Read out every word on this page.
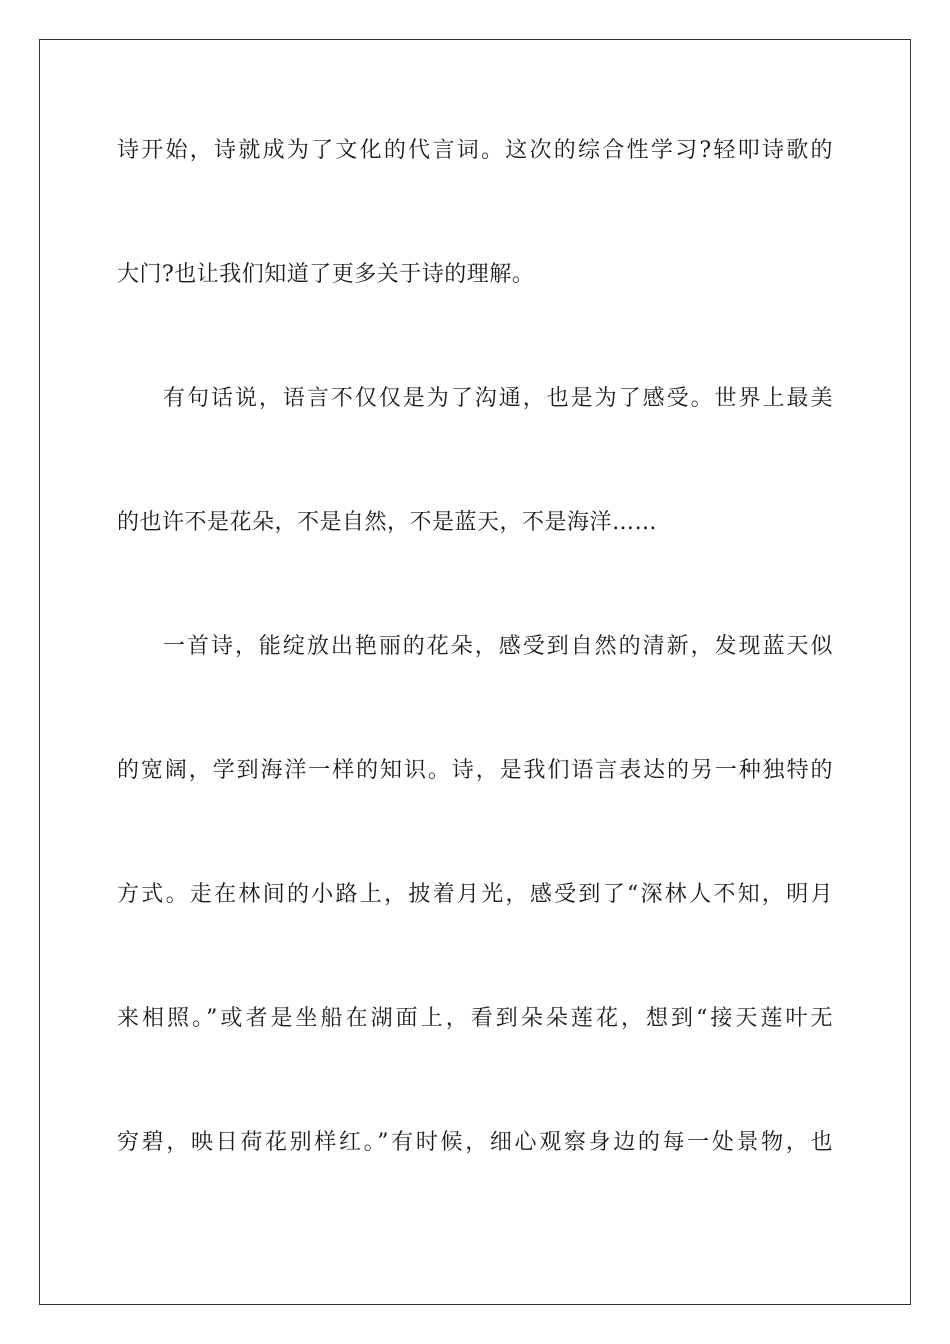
诗开始，诗就成为了文化的代言词。这次的综合性学习?轻叩诗歌的
大门?也让我们知道了更多关于诗的理解。
有句话说，语言不仅仅是为了沟通，也是为了感受。世界上最美
的也许不是花朵，不是自然，不是蓝天，不是海洋……
一首诗，能绽放出艳丽的花朵，感受到自然的清新，发现蓝天似
的宽阔，学到海洋一样的知识。诗，是我们语言表达的另一种独特的
方式。走在林间的小路上，披着月光，感受到了“深林人不知，明月
来相照。”或者是坐船在湖面上，看到朵朵莲花，想到“接天莲叶无
穷碧，映日荷花别样红。”有时候，细心观察身边的每一处景物，也
